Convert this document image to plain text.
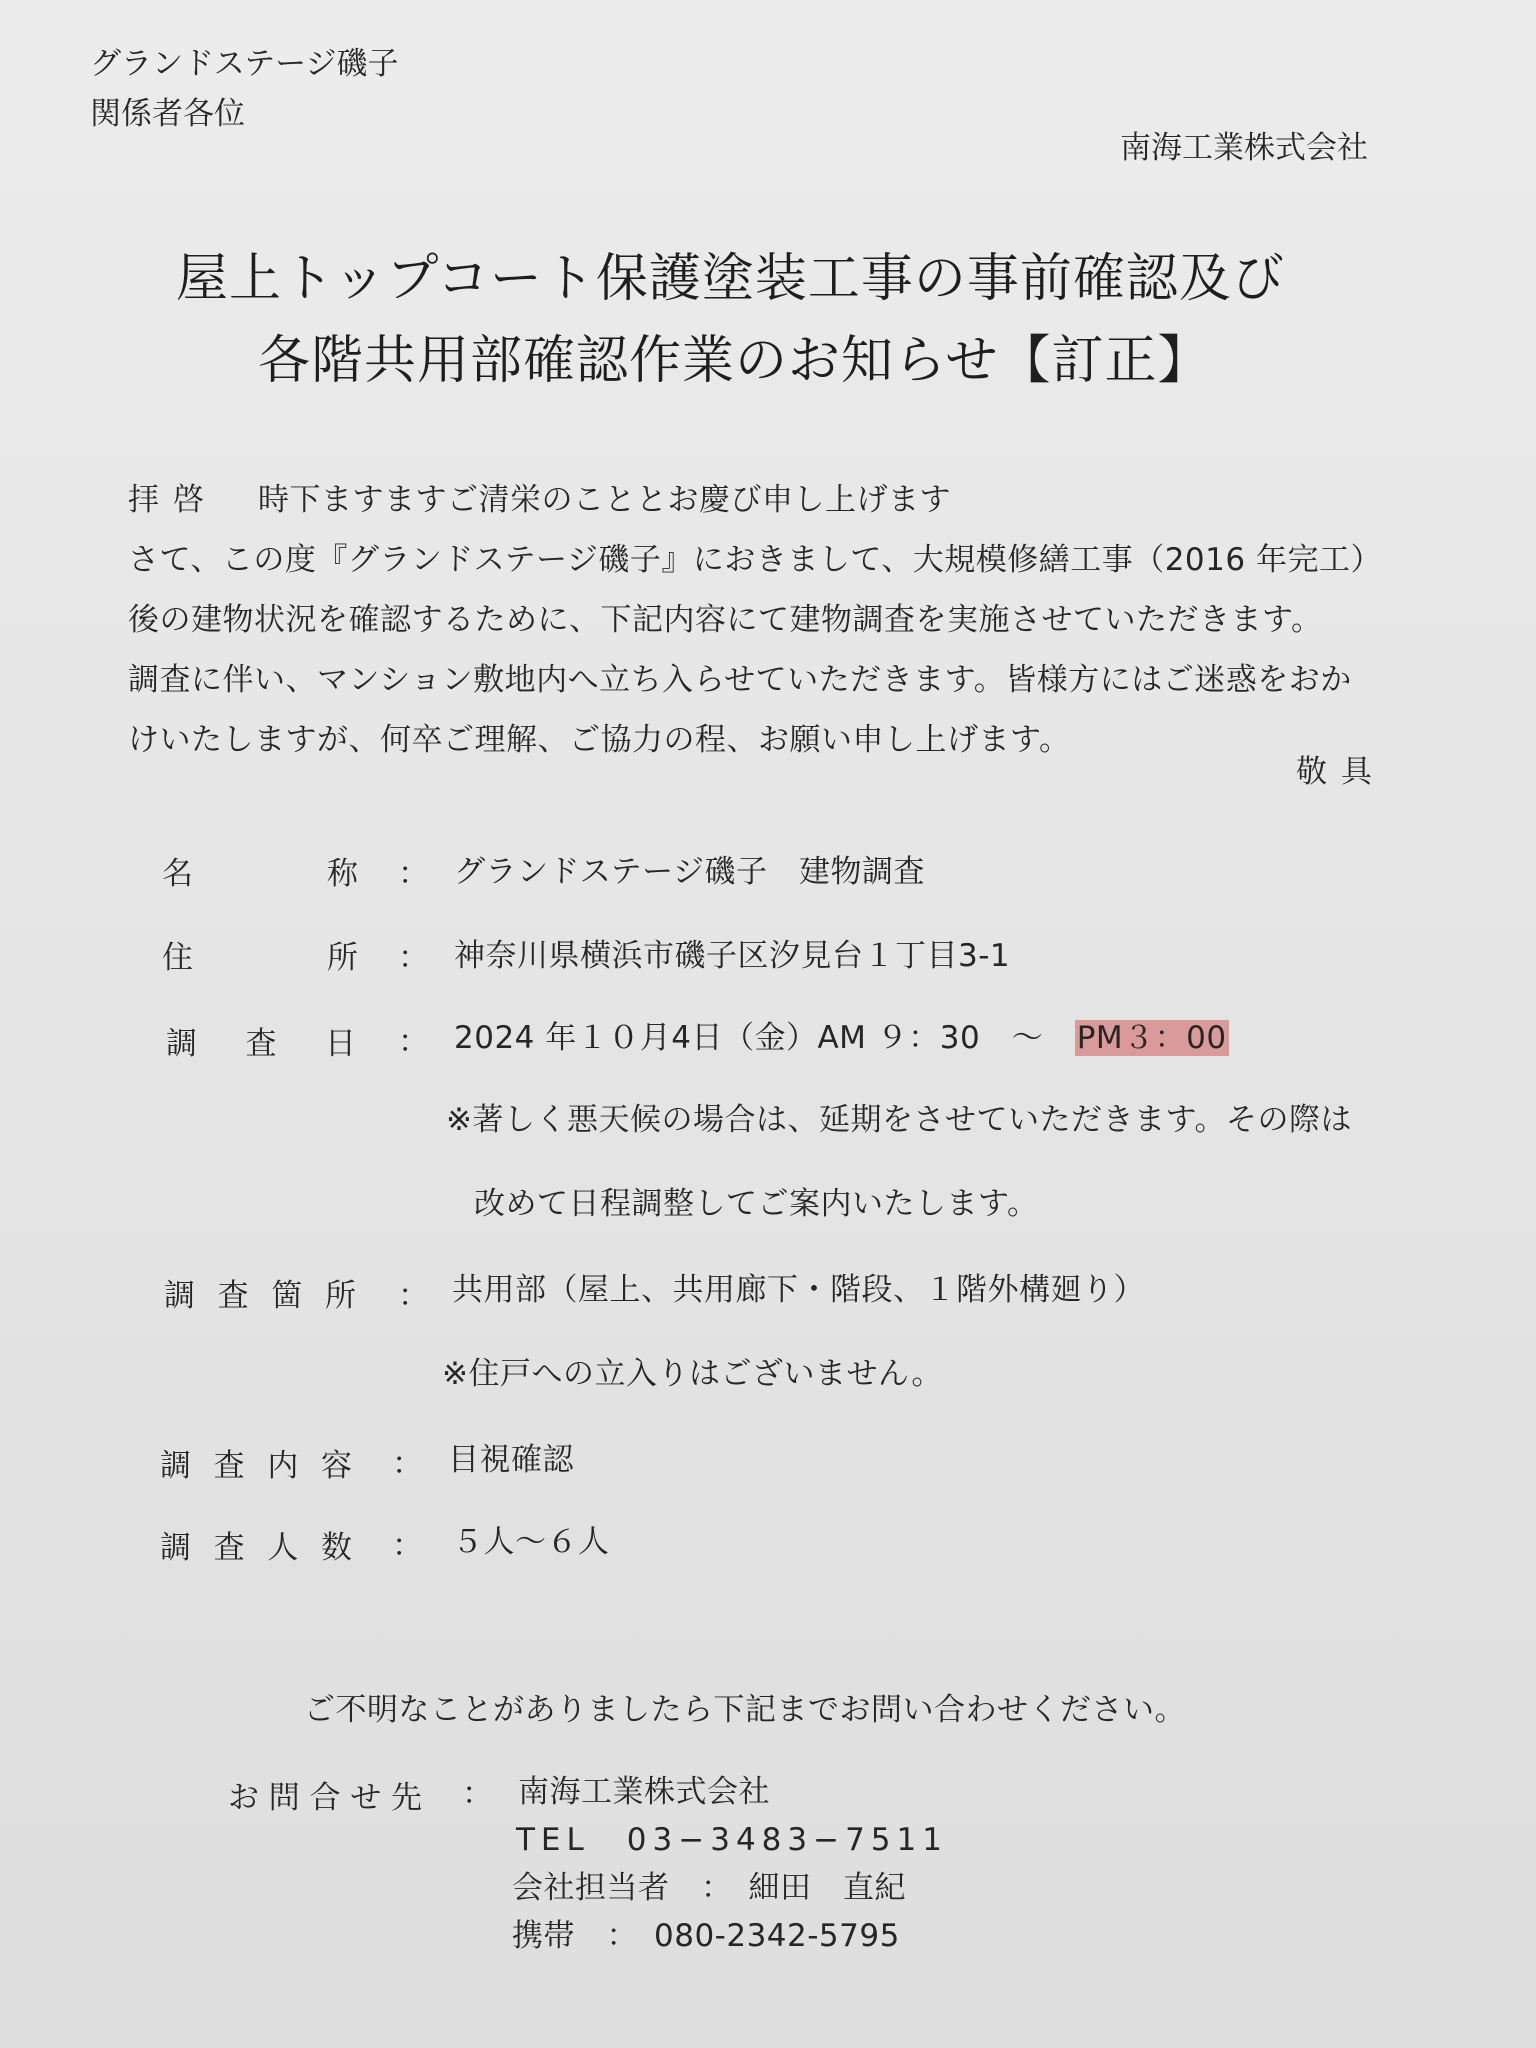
グランドステージ磯子
関係者各位
南海工業株式会社
屋上トップコート保護塗装工事の事前確認及び
各階共用部確認作業のお知らせ【訂正】
拝啓 時下ますますご清栄のこととお慶び申し上げます
さて、この度『グランドステージ磯子』におきまして、大規模修繕工事（2016 年完工）
後の建物状況を確認するために、下記内容にて建物調査を実施させていただきます。
調査に伴い、マンション敷地内へ立ち入らせていただきます。皆様方にはご迷惑をおか
けいたしますが、何卒ご理解、ご協力の程、お願い申し上げます。
敬具
名	称 ： グランドステージ磯子　建物調査
住	所 ： 神奈川県横浜市磯子区汐見台１丁目3-1
調 査 日 ： 2024 年１０月4日（金）AM ９：30　～　PM３：00
※著しく悪天候の場合は、延期をさせていただきます。その際は
改めて日程調整してご案内いたします。
調 査 箇 所 ： 共用部（屋上、共用廊下・階段、１階外構廻り）
※住戸への立入りはございません。
調 査 内 容 ： 目視確認
調 査 人 数 ： ５人～６人
ご不明なことがありましたら下記までお問い合わせください。
お 問 合 せ 先 ： 南海工業株式会社
TEL　03−3483−7511
会社担当者　 ：　 細田　直紀
携帯　 ：　 080-2342-5795
